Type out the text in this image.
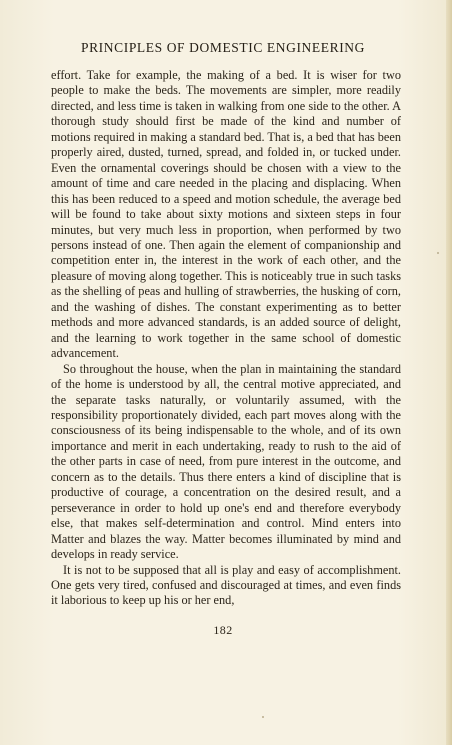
PRINCIPLES OF DOMESTIC ENGINEERING

effort. Take for example, the making of a bed. It is wiser for two people to make the beds. The movements are simpler, more readily directed, and less time is taken in walking from one side to the other. A thorough study should first be made of the kind and number of motions required in making a standard bed. That is, a bed that has been properly aired, dusted, turned, spread, and folded in, or tucked under. Even the ornamental coverings should be chosen with a view to the amount of time and care needed in the placing and displacing. When this has been reduced to a speed and motion schedule, the average bed will be found to take about sixty motions and sixteen steps in four minutes, but very much less in proportion, when performed by two persons instead of one. Then again the element of companionship and competition enter in, the interest in the work of each other, and the pleasure of moving along together. This is noticeably true in such tasks as the shelling of peas and hulling of strawberries, the husking of corn, and the washing of dishes. The constant experimenting as to better methods and more advanced standards, is an added source of delight, and the learning to work together in the same school of domestic advancement.

So throughout the house, when the plan in maintaining the standard of the home is understood by all, the central motive appreciated, and the separate tasks naturally, or voluntarily assumed, with the responsibility proportionately divided, each part moves along with the consciousness of its being indispensable to the whole, and of its own importance and merit in each undertaking, ready to rush to the aid of the other parts in case of need, from pure interest in the outcome, and concern as to the details. Thus there enters a kind of discipline that is productive of courage, a concentration on the desired result, and a perseverance in order to hold up one's end and therefore everybody else, that makes self-determination and control. Mind enters into Matter and blazes the way. Matter becomes illuminated by mind and develops in ready service.

It is not to be supposed that all is play and easy of accomplishment. One gets very tired, confused and discouraged at times, and even finds it laborious to keep up his or her end,

182
